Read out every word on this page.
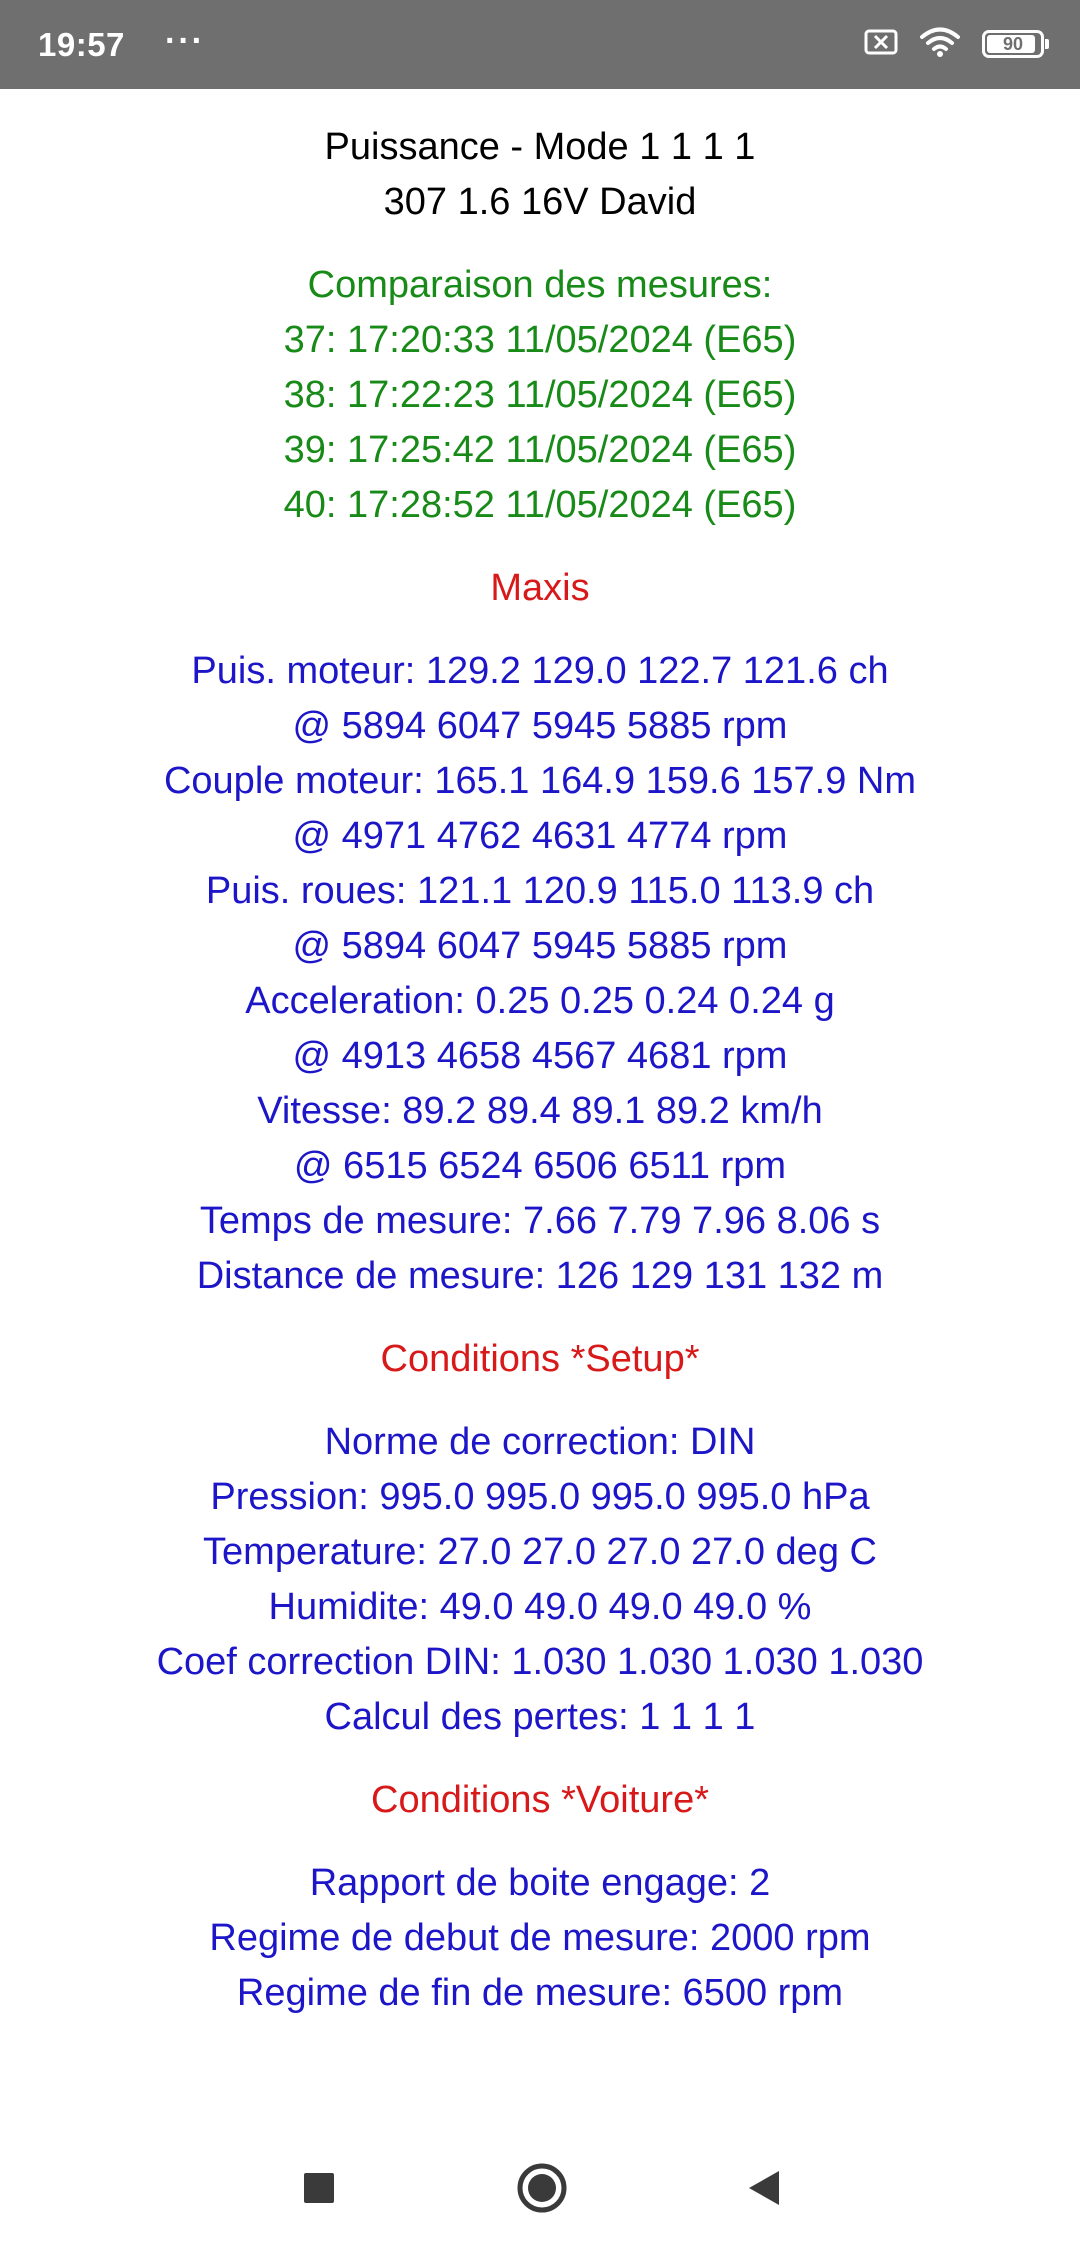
19:57 ···	90
Puissance - Mode 1 1 1 1
307 1.6 16V David
Comparaison des mesures:
37: 17:20:33 11/05/2024 (E65)
38: 17:22:23 11/05/2024 (E65)
39: 17:25:42 11/05/2024 (E65)
40: 17:28:52 11/05/2024 (E65)
Maxis
Puis. moteur: 129.2 129.0 122.7 121.6 ch
@ 5894 6047 5945 5885 rpm
Couple moteur: 165.1 164.9 159.6 157.9 Nm
@ 4971 4762 4631 4774 rpm
Puis. roues: 121.1 120.9 115.0 113.9 ch
@ 5894 6047 5945 5885 rpm
Acceleration: 0.25 0.25 0.24 0.24 g
@ 4913 4658 4567 4681 rpm
Vitesse: 89.2 89.4 89.1 89.2 km/h
@ 6515 6524 6506 6511 rpm
Temps de mesure: 7.66 7.79 7.96 8.06 s
Distance de mesure: 126 129 131 132 m
Conditions *Setup*
Norme de correction: DIN
Pression: 995.0 995.0 995.0 995.0 hPa
Temperature: 27.0 27.0 27.0 27.0 deg C
Humidite: 49.0 49.0 49.0 49.0 %
Coef correction DIN: 1.030 1.030 1.030 1.030
Calcul des pertes: 1 1 1 1
Conditions *Voiture*
Rapport de boite engage: 2
Regime de debut de mesure: 2000 rpm
Regime de fin de mesure: 6500 rpm
